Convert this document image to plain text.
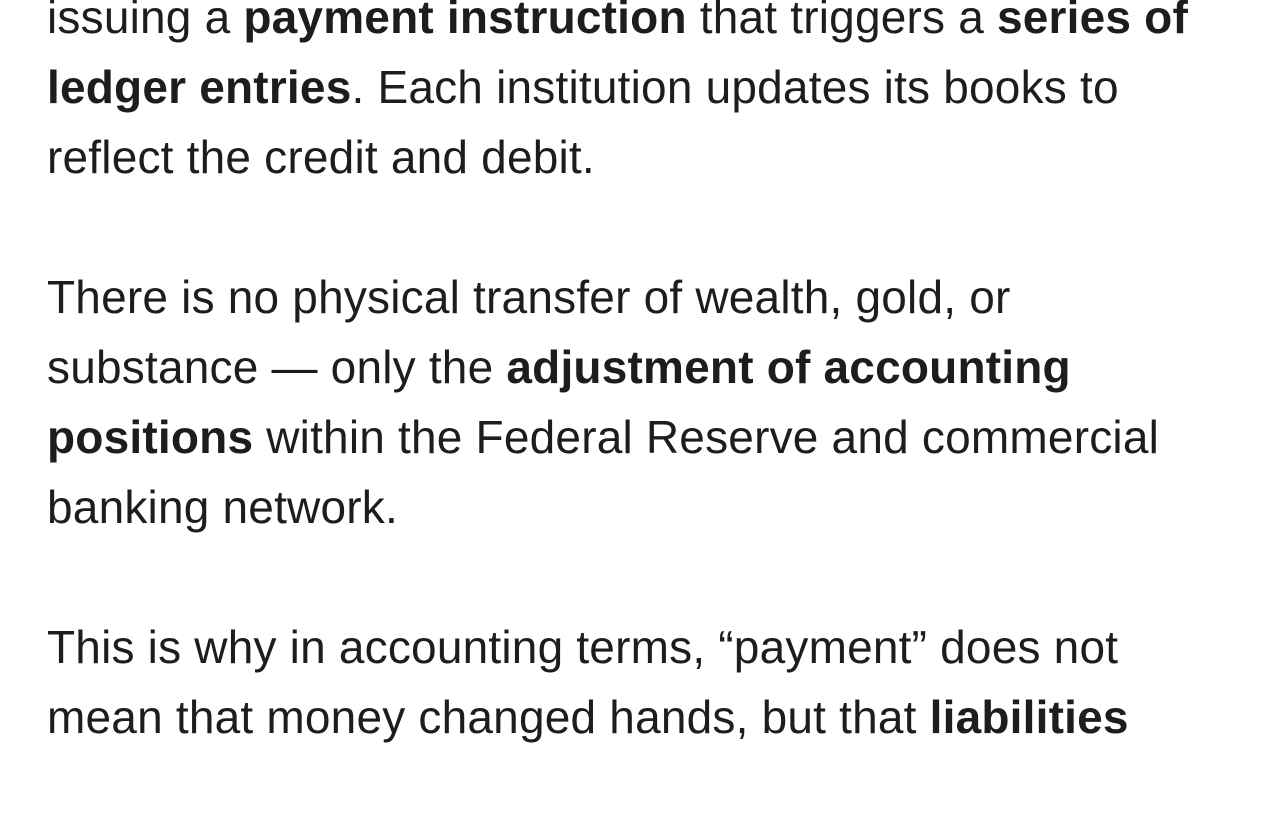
issuing a payment instruction that triggers a series of
ledger entries. Each institution updates its books to
reflect the credit and debit.
There is no physical transfer of wealth, gold, or
substance — only the adjustment of accounting
positions within the Federal Reserve and commercial
banking network.
This is why in accounting terms, “payment” does not
mean that money changed hands, but that liabilities
